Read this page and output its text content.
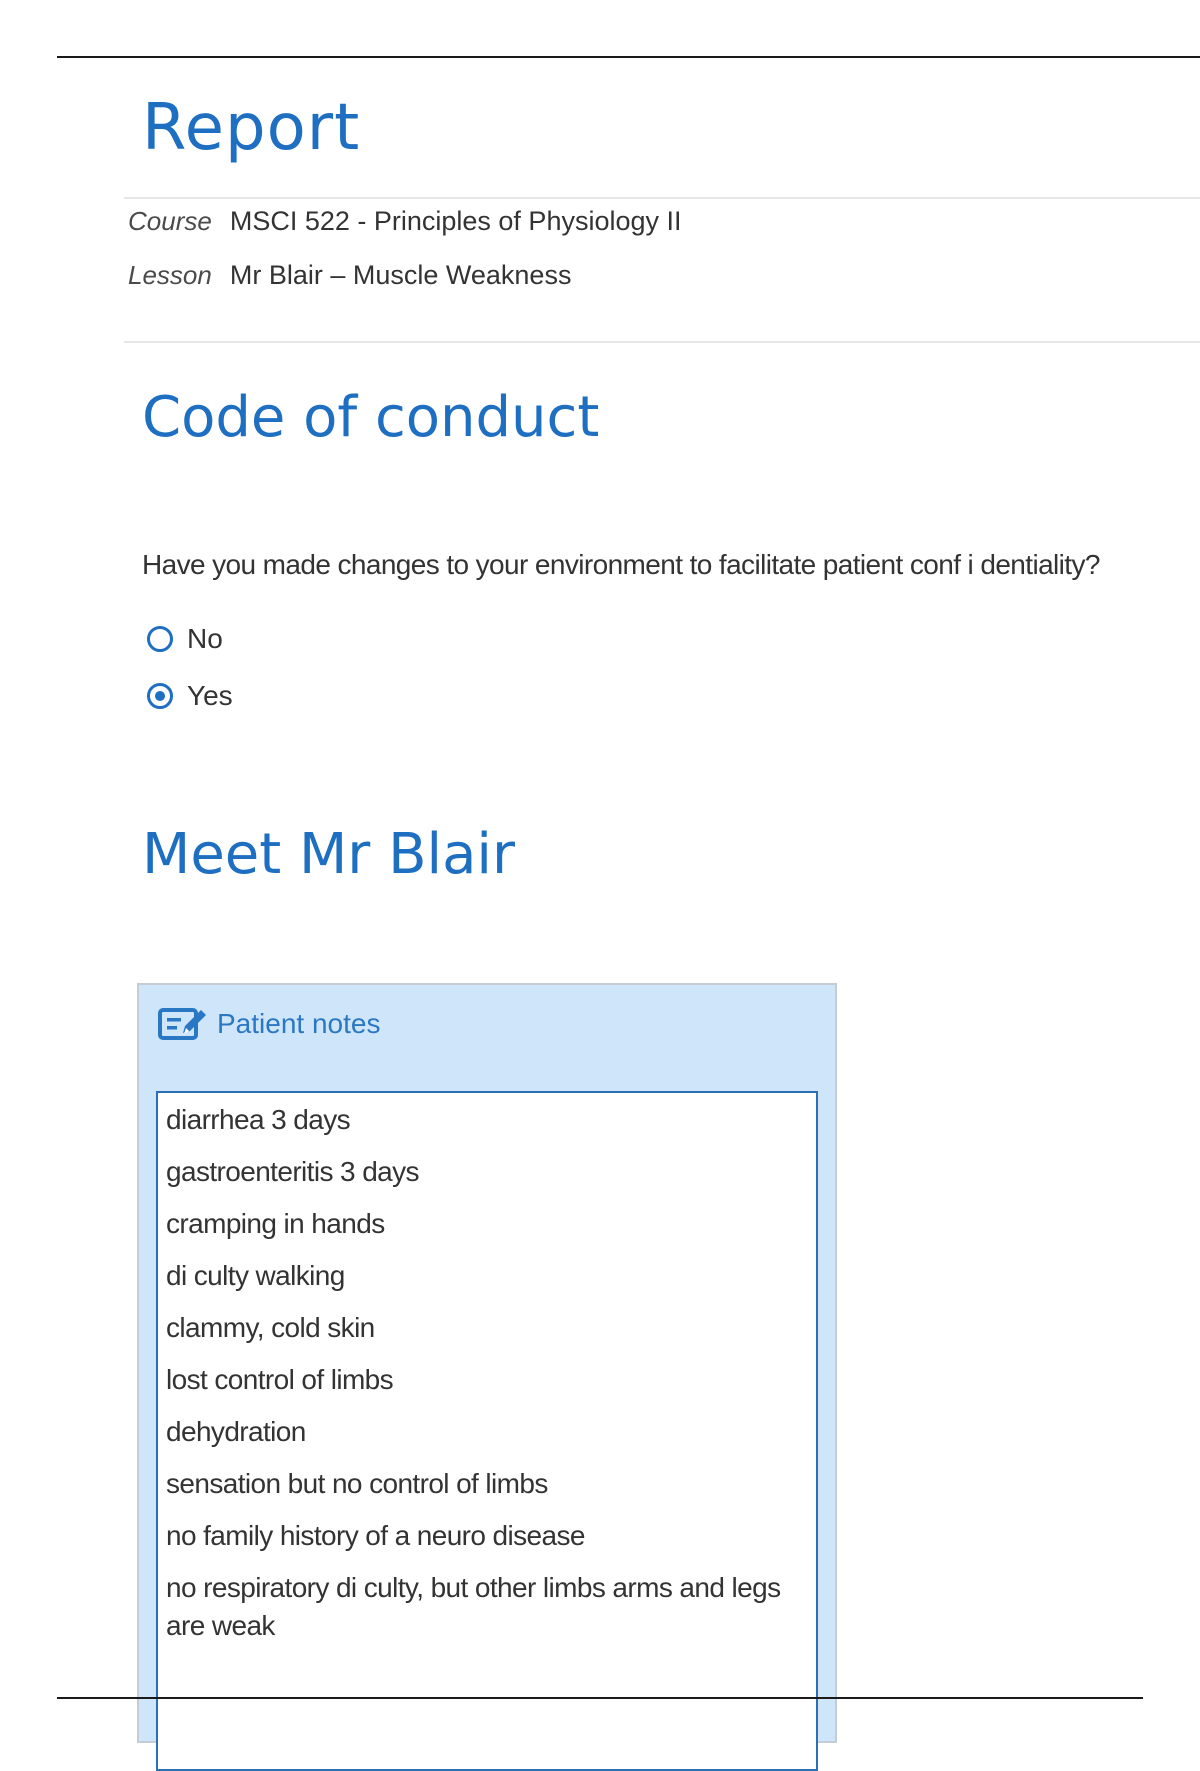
Report
Course MSCI 522 - Principles of Physiology II
Lesson Mr Blair – Muscle Weakness
Code of conduct
Have you made changes to your environment to facilitate patient conf i dentiality?
No
Yes
Meet Mr Blair
Patient notes
diarrhea 3 days
gastroenteritis 3 days
cramping in hands
di culty walking
clammy, cold skin
lost control of limbs
dehydration
sensation but no control of limbs
no family history of a neuro disease
no respiratory di culty, but other limbs arms and legs are weak
